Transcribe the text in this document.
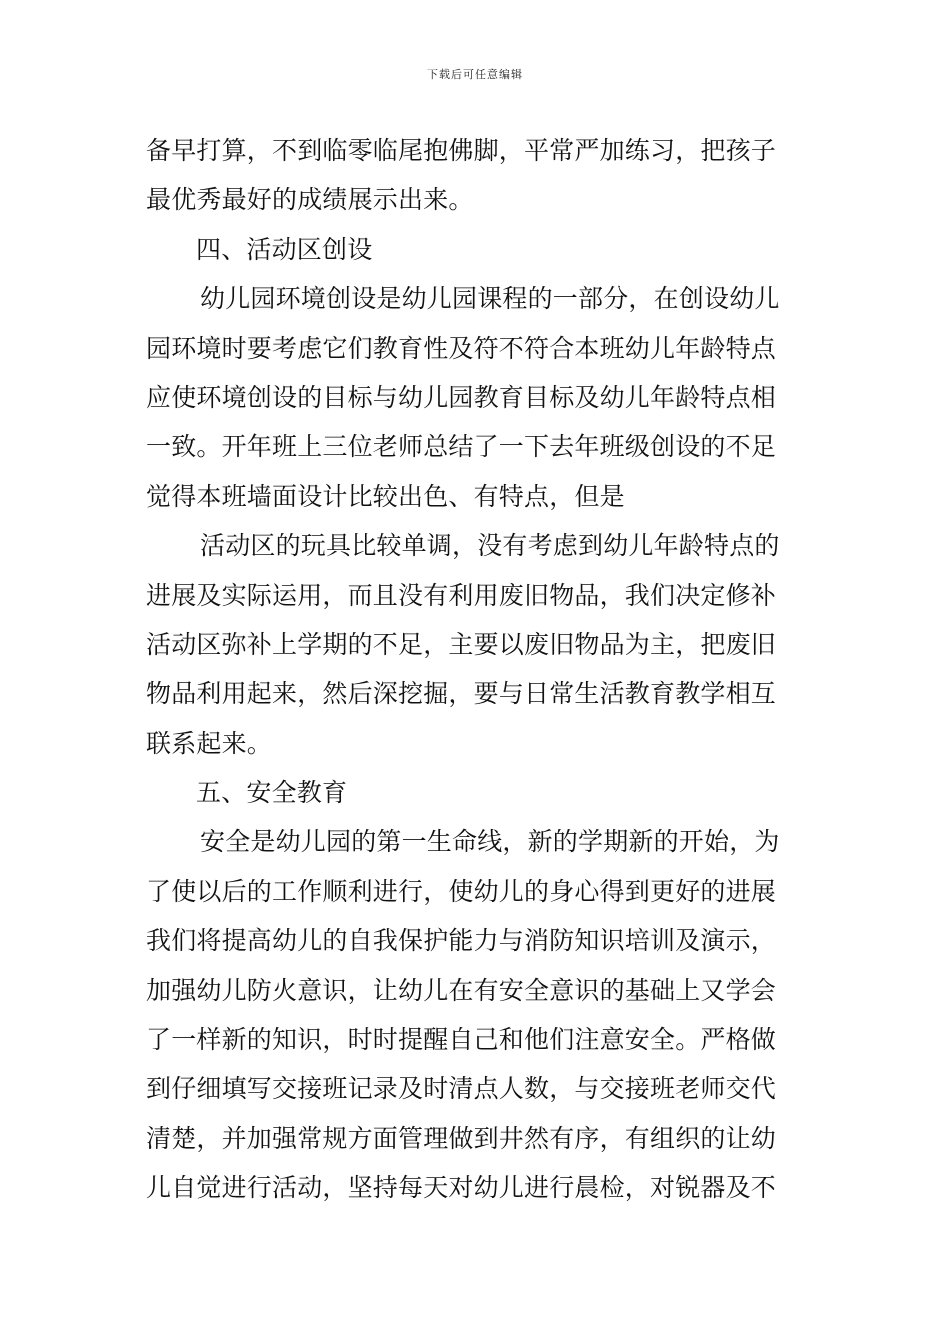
下载后可任意编辑
备早打算，不到临零临尾抱佛脚，平常严加练习，把孩子
最优秀最好的成绩展示出来。
四、活动区创设
幼儿园环境创设是幼儿园课程的一部分，在创设幼儿
园环境时要考虑它们教育性及符不符合本班幼儿年龄特点
应使环境创设的目标与幼儿园教育目标及幼儿年龄特点相
一致。开年班上三位老师总结了一下去年班级创设的不足
觉得本班墙面设计比较出色、有特点，但是
活动区的玩具比较单调，没有考虑到幼儿年龄特点的
进展及实际运用，而且没有利用废旧物品，我们决定修补
活动区弥补上学期的不足，主要以废旧物品为主，把废旧
物品利用起来，然后深挖掘，要与日常生活教育教学相互
联系起来。
五、安全教育
安全是幼儿园的第一生命线，新的学期新的开始，为
了使以后的工作顺利进行，使幼儿的身心得到更好的进展
我们将提高幼儿的自我保护能力与消防知识培训及演示，
加强幼儿防火意识，让幼儿在有安全意识的基础上又学会
了一样新的知识，时时提醒自己和他们注意安全。严格做
到仔细填写交接班记录及时清点人数，与交接班老师交代
清楚，并加强常规方面管理做到井然有序，有组织的让幼
儿自觉进行活动，坚持每天对幼儿进行晨检，对锐器及不
